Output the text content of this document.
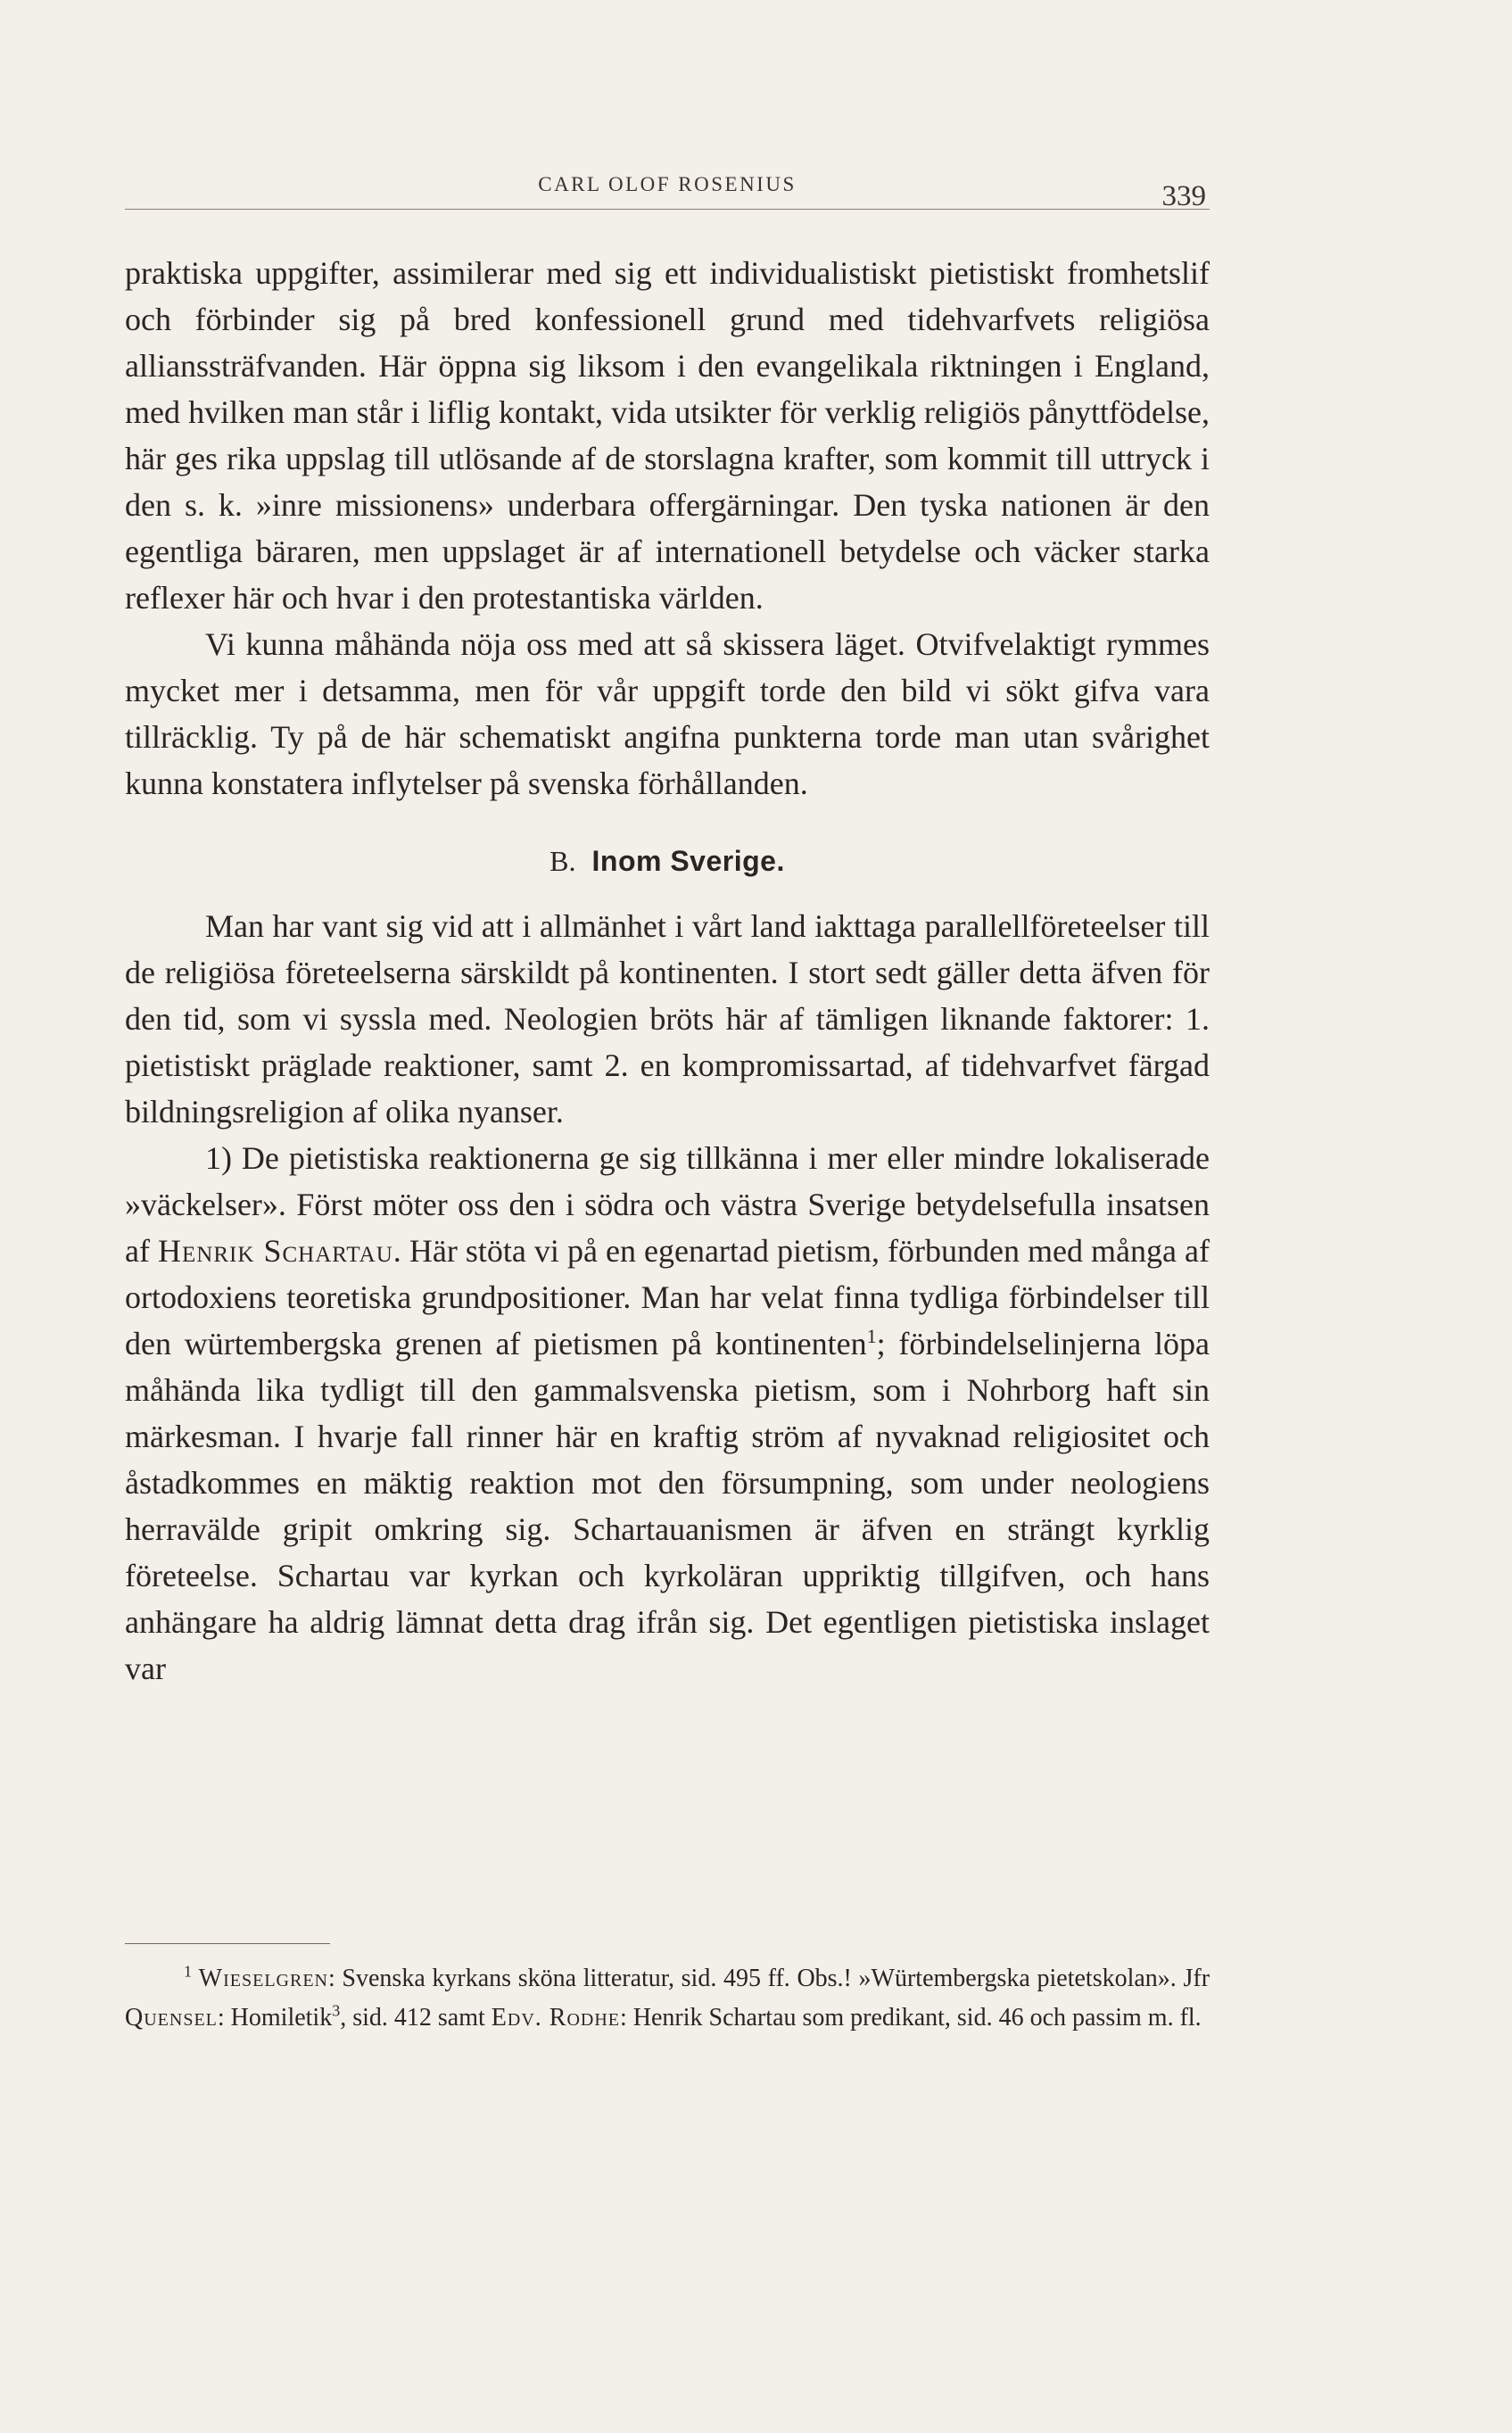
CARL OLOF ROSENIUS	339

praktiska uppgifter, assimilerar med sig ett individualistiskt pietistiskt fromhetslif och förbinder sig på bred konfessionell grund med tidehvarfvets religiösa allianssträfvanden. Här öppna sig liksom i den evangelikala riktningen i England, med hvilken man står i liflig kontakt, vida utsikter för verklig religiös pånyttfödelse, här ges rika uppslag till utlösande af de storslagna krafter, som kommit till uttryck i den s. k. »inre missionens» underbara offergärningar. Den tyska nationen är den egentliga bäraren, men uppslaget är af internationell betydelse och väcker starka reflexer här och hvar i den protestantiska världen.

Vi kunna måhända nöja oss med att så skissera läget. Otvifvelaktigt rymmes mycket mer i detsamma, men för vår uppgift torde den bild vi sökt gifva vara tillräcklig. Ty på de här schematiskt angifna punkterna torde man utan svårighet kunna konstatera inflytelser på svenska förhållanden.

B. Inom Sverige.

Man har vant sig vid att i allmänhet i vårt land iakttaga parallellföreteelser till de religiösa företeelserna särskildt på kontinenten. I stort sedt gäller detta äfven för den tid, som vi syssla med. Neologien bröts här af tämligen liknande faktorer: 1. pietistiskt präglade reaktioner, samt 2. en kompromissartad, af tidehvarfvet färgad bildningsreligion af olika nyanser.

1) De pietistiska reaktionerna ge sig tillkänna i mer eller mindre lokaliserade »väckelser». Först möter oss den i södra och västra Sverige betydelsefulla insatsen af Henrik Schartau. Här stöta vi på en egenartad pietism, förbunden med många af ortodoxiens teoretiska grundpositioner. Man har velat finna tydliga förbindelser till den würtembergska grenen af pietismen på kontinenten$^1$; förbindelselinjerna löpa måhända lika tydligt till den gammalsvenska pietism, som i Nohrborg haft sin märkesman. I hvarje fall rinner här en kraftig ström af nyvaknad religiositet och åstadkommes en mäktig reaktion mot den försumpning, som under neologiens herravälde gripit omkring sig. Schartauanismen är äfven en strängt kyrklig företeelse. Schartau var kyrkan och kyrkoläran uppriktig tillgifven, och hans anhängare ha aldrig lämnat detta drag ifrån sig. Det egentligen pietistiska inslaget var

$^1$ Wieselgren: Svenska kyrkans sköna litteratur, sid. 495 ff. Obs.! »Würtembergska pietetskolan». Jfr Quensel: Homiletik$^3$, sid. 412 samt Edv. Rodhe: Henrik Schartau som predikant, sid. 46 och passim m. fl.
